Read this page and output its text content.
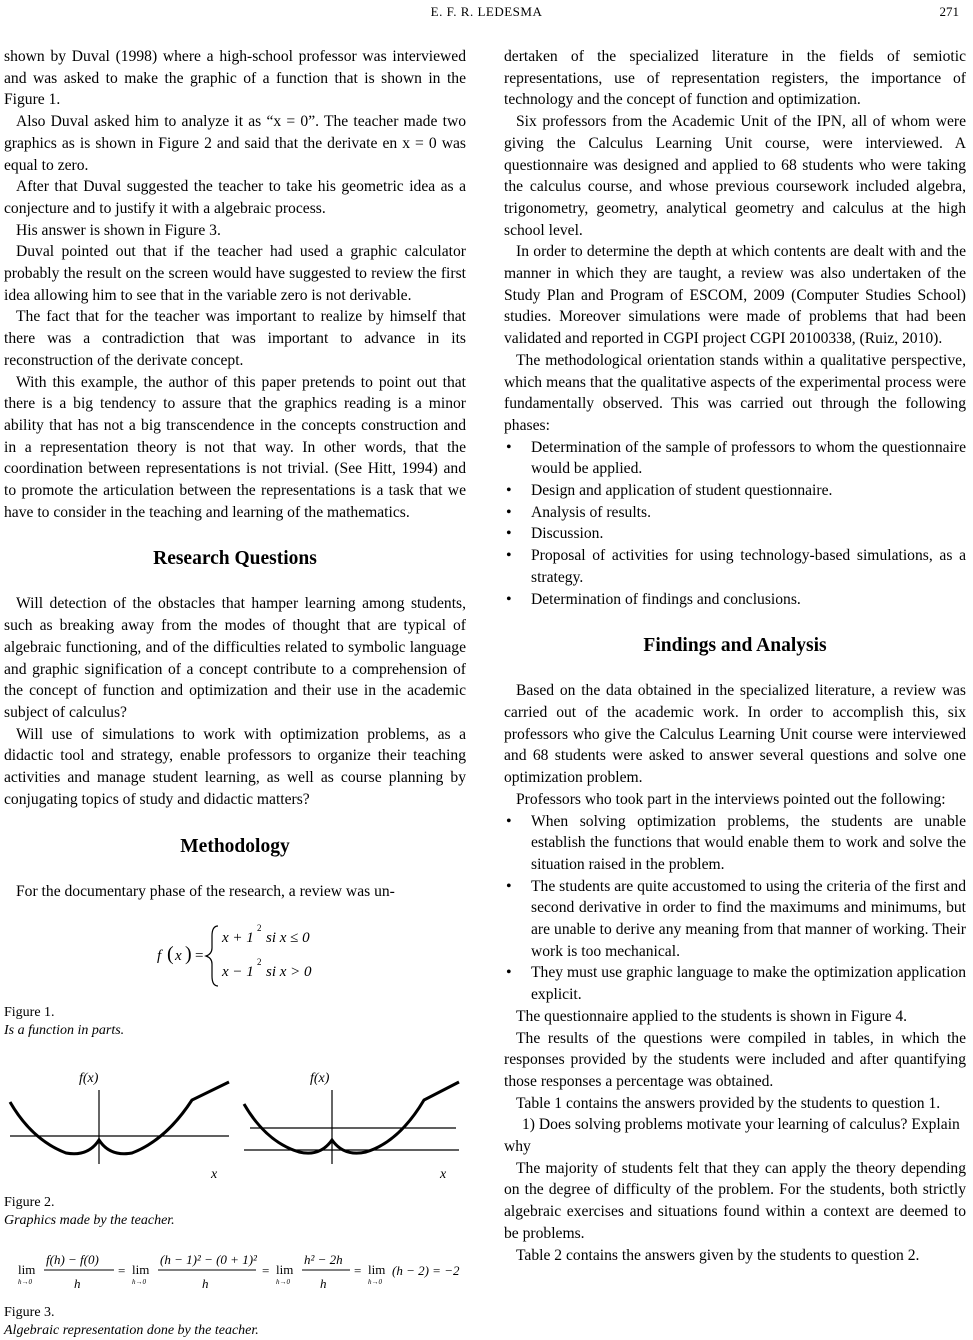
E. F. R. LEDESMA	271

shown by Duval (1998) where a high-school professor was interviewed and was asked to make the graphic of a function that is shown in the Figure 1.

Also Duval asked him to analyze it as “x = 0”. The teacher made two graphics as is shown in Figure 2 and said that the derivate en x = 0 was equal to zero.

After that Duval suggested the teacher to take his geometric idea as a conjecture and to justify it with a algebraic process.

His answer is shown in Figure 3.

Duval pointed out that if the teacher had used a graphic calculator probably the result on the screen would have suggested to review the first idea allowing him to see that in the variable zero is not derivable.

The fact that for the teacher was important to realize by himself that there was a contradiction that was important to advance in its reconstruction of the derivate concept.

With this example, the author of this paper pretends to point out that there is a big tendency to assure that the graphics reading is a minor ability that has not a big transcendence in the concepts construction and in a representation theory is not that way. In other words, that the coordination between representations is not trivial. (See Hitt, 1994) and to promote the articulation between the representations is a task that we have to consider in the teaching and learning of the mathematics.

Research Questions

Will detection of the obstacles that hamper learning among students, such as breaking away from the modes of thought that are typical of algebraic functioning, and of the difficulties related to symbolic language and graphic signification of a concept contribute to a comprehension of the concept of function and optimization and their use in the academic subject of calculus?

Will use of simulations to work with optimization problems, as a didactic tool and strategy, enable professors to organize their teaching activities and manage student learning, as well as course planning by conjugating topics of study and didactic matters?

Methodology

For the documentary phase of the research, a review was un-

f ( x ) =
x + 1
2
si x ≤ 0
x − 1
2
si x > 0
Figure 1.
Is a function in parts.
f(x)
x
f(x)
x
Figure 2.
Graphics made by the teacher.
lim
h→0
f(h) − f(0)
h
= lim
h→0
(h − 1)² − (0 + 1)²
h
= lim
h→0
h² − 2h
h
= lim
h→0
(h − 2) = −2
Figure 3.
Algebraic representation done by the teacher.

dertaken of the specialized literature in the fields of semiotic representations, use of representation registers, the importance of technology and the concept of function and optimization.

Six professors from the Academic Unit of the IPN, all of whom were giving the Calculus Learning Unit course, were interviewed. A questionnaire was designed and applied to 68 students who were taking the calculus course, and whose previous coursework included algebra, trigonometry, geometry, analytical geometry and calculus at the high school level.

In order to determine the depth at which contents are dealt with and the manner in which they are taught, a review was also undertaken of the Study Plan and Program of ESCOM, 2009 (Computer Studies School) studies. Moreover simulations were made of problems that had been validated and reported in CGPI project CGPI 20100338, (Ruiz, 2010).

The methodological orientation stands within a qualitative perspective, which means that the qualitative aspects of the experimental process were fundamentally observed. This was carried out through the following phases:

• Determination of the sample of professors to whom the questionnaire would be applied.
• Design and application of student questionnaire.
• Analysis of results.
• Discussion.
• Proposal of activities for using technology-based simulations, as a strategy.
• Determination of findings and conclusions.
Findings and Analysis

Based on the data obtained in the specialized literature, a review was carried out of the academic work. In order to accomplish this, six professors who give the Calculus Learning Unit course were interviewed and 68 students were asked to answer several questions and solve one optimization problem.

Professors who took part in the interviews pointed out the following:

• When solving optimization problems, the students are unable establish the functions that would enable them to work and solve the situation raised in the problem.
• The students are quite accustomed to using the criteria of the first and second derivative in order to find the maximums and minimums, but are unable to derive any meaning from that manner of working. Their work is too mechanical.
• They must use graphic language to make the optimization application explicit.

The questionnaire applied to the students is shown in Figure 4.

The results of the questions were compiled in tables, in which the responses provided by the students were included and after quantifying those responses a percentage was obtained.

Table 1 contains the answers provided by the students to question 1.

1) Does solving problems motivate your learning of calculus? Explain why

The majority of students felt that they can apply the theory depending on the degree of difficulty of the problem. For the students, both strictly algebraic exercises and situations found within a context are deemed to be problems.

Table 2 contains the answers given by the students to question 2.
